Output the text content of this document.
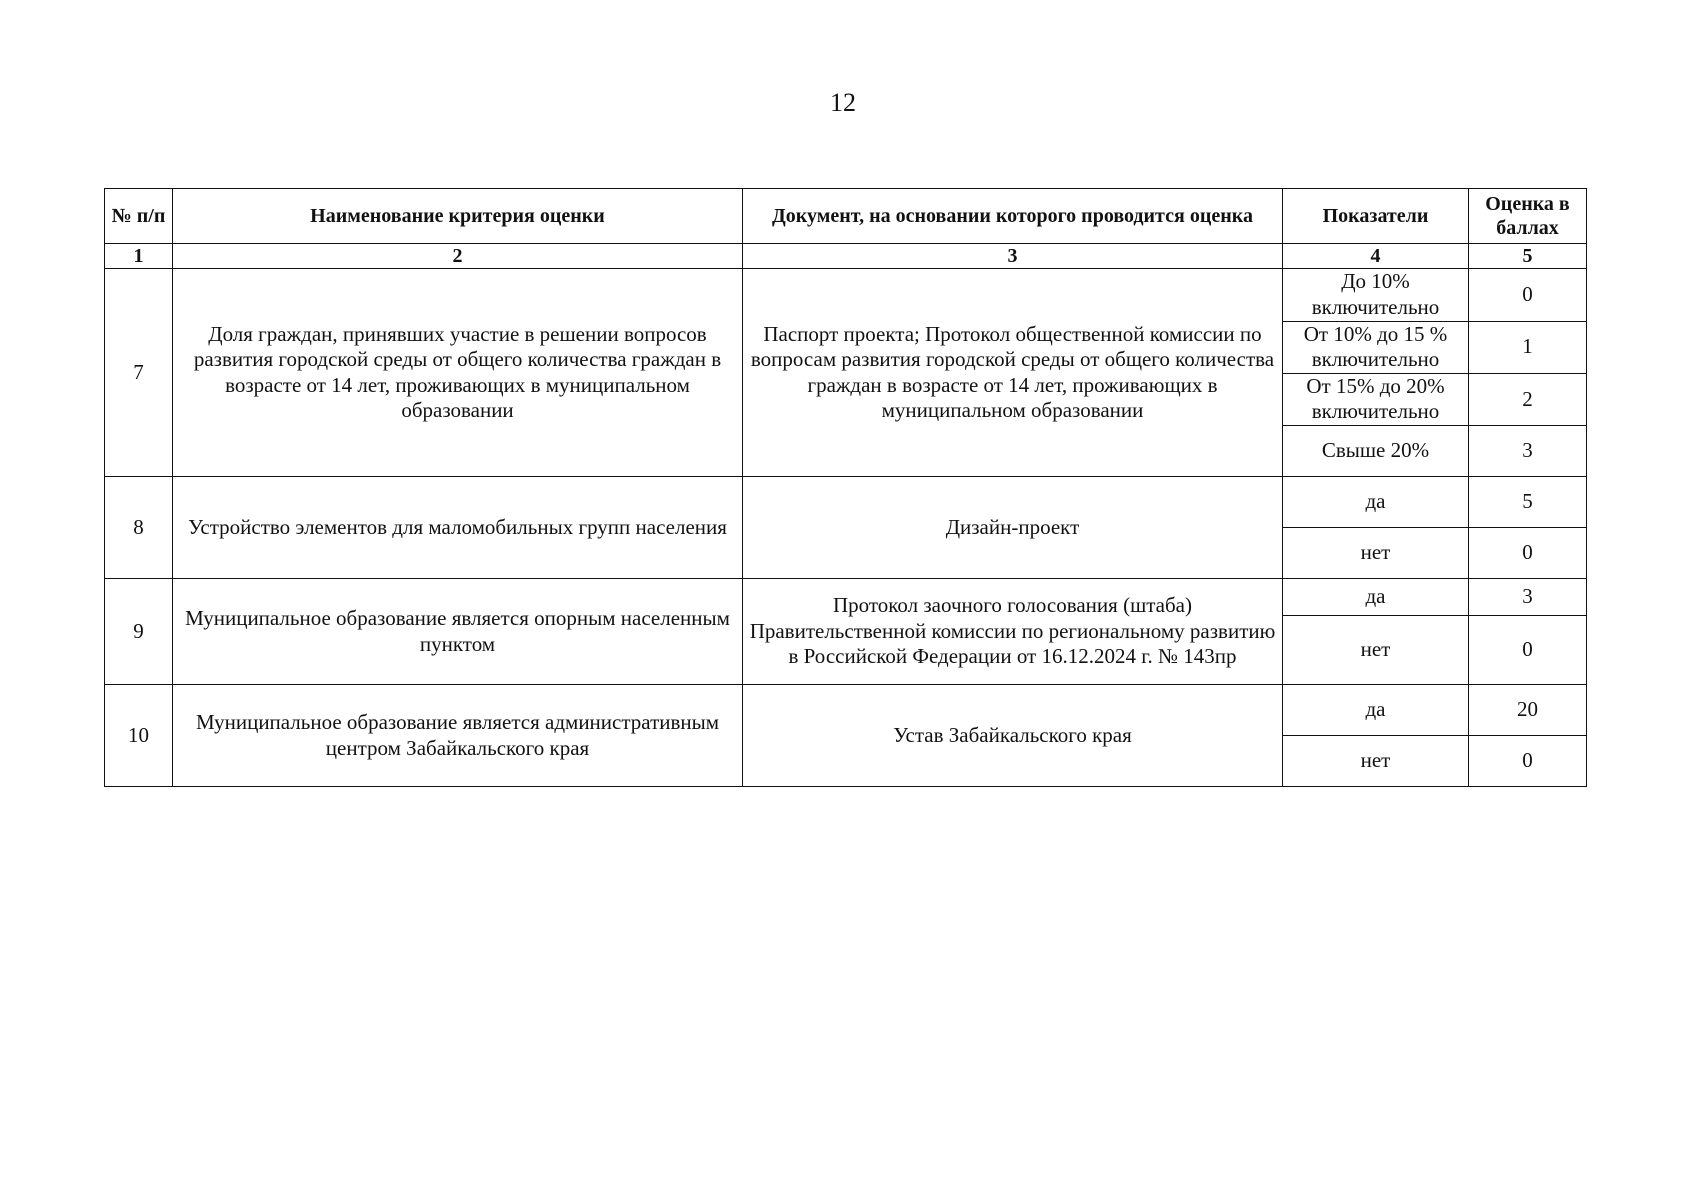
12
№ п/п	Наименование критерия оценки	Документ, на основании которого проводится оценка	Показатели	Оценка в баллах
1	2	3	4	5
7	Доля граждан, принявших участие в решении вопросов развития городской среды от общего количества граждан в возрасте от 14 лет, проживающих в муниципальном образовании	Паспорт проекта; Протокол общественной комиссии по вопросам развития городской среды от общего количества граждан в возрасте от 14 лет, проживающих в муниципальном образовании	До 10% включительно	0
			От 10% до 15 % включительно	1
			От 15% до 20% включительно	2
			Свыше 20%	3
8	Устройство элементов для маломобильных групп населения	Дизайн-проект	да	5
			нет	0
9	Муниципальное образование является опорным населенным пунктом	Протокол заочного голосования (штаба) Правительственной комиссии по региональному развитию в Российской Федерации от 16.12.2024 г. № 143пр	да	3
			нет	0
10	Муниципальное образование является административным центром Забайкальского края	Устав Забайкальского края	да	20
			нет	0
